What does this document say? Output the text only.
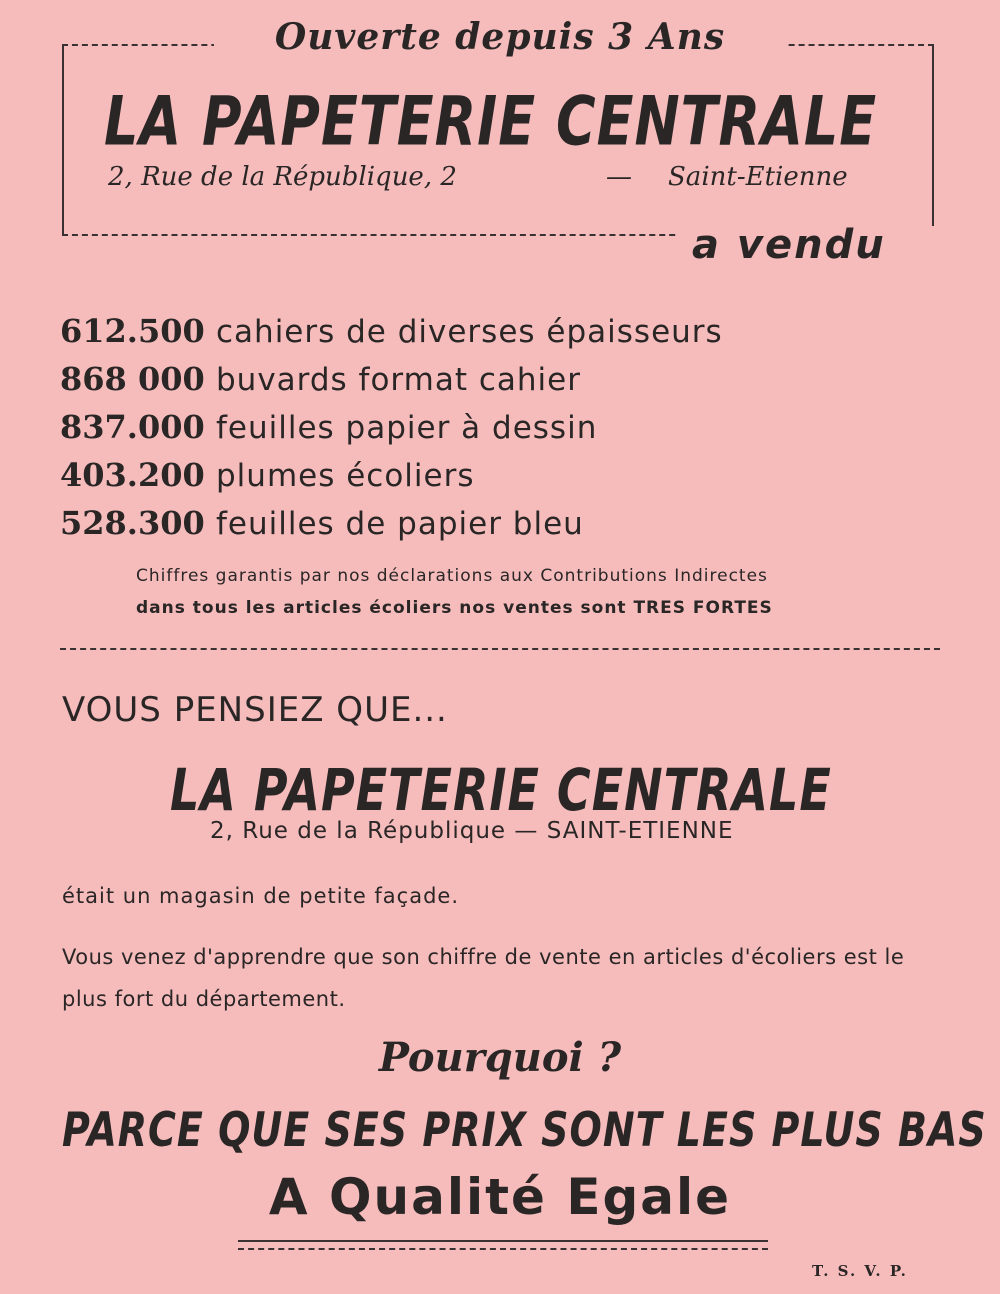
Ouverte depuis 3 Ans
LA PAPETERIE CENTRALE
2, Rue de la République, 2	— Saint-Etienne
a vendu
612.500 cahiers de diverses épaisseurs
868 000 buvards format cahier
837.000 feuilles papier à dessin
403.200 plumes écoliers
528.300 feuilles de papier bleu
Chiffres garantis par nos déclarations aux Contributions Indirectes
dans tous les articles écoliers nos ventes sont TRES FORTES
VOUS PENSIEZ QUE...
LA PAPETERIE CENTRALE
2, Rue de la République — SAINT-ETIENNE
était un magasin de petite façade.
Vous venez d'apprendre que son chiffre de vente en articles d'écoliers est le plus fort du département.
Pourquoi ?
PARCE QUE SES PRIX SONT LES PLUS BAS
A Qualité Egale
T. S. V. P.
